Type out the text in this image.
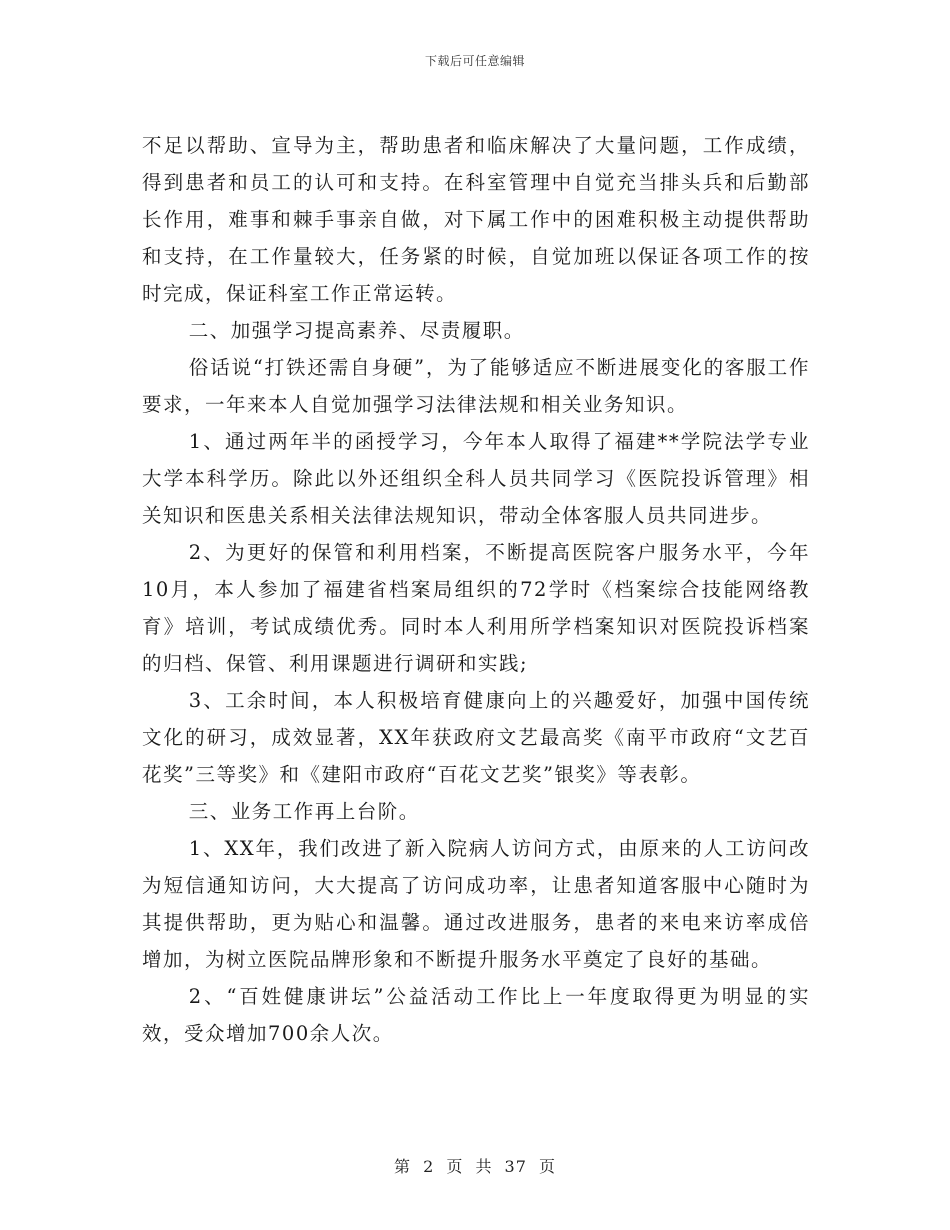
下载后可任意编辑

不足以帮助、宣导为主，帮助患者和临床解决了大量问题，工作成绩，得到患者和员工的认可和支持。在科室管理中自觉充当排头兵和后勤部长作用，难事和棘手事亲自做，对下属工作中的困难积极主动提供帮助和支持，在工作量较大，任务紧的时候，自觉加班以保证各项工作的按时完成，保证科室工作正常运转。

二、加强学习提高素养、尽责履职。

俗话说“打铁还需自身硬”，为了能够适应不断进展变化的客服工作要求，一年来本人自觉加强学习法律法规和相关业务知识。

1、通过两年半的函授学习，今年本人取得了福建**学院法学专业大学本科学历。除此以外还组织全科人员共同学习《医院投诉管理》相关知识和医患关系相关法律法规知识，带动全体客服人员共同进步。

2、为更好的保管和利用档案，不断提高医院客户服务水平，今年10月，本人参加了福建省档案局组织的72学时《档案综合技能网络教育》培训，考试成绩优秀。同时本人利用所学档案知识对医院投诉档案的归档、保管、利用课题进行调研和实践;

3、工余时间，本人积极培育健康向上的兴趣爱好，加强中国传统文化的研习，成效显著，XX年获政府文艺最高奖《南平市政府“文艺百花奖”三等奖》和《建阳市政府“百花文艺奖”银奖》等表彰。

三、业务工作再上台阶。

1、XX年，我们改进了新入院病人访问方式，由原来的人工访问改为短信通知访问，大大提高了访问成功率，让患者知道客服中心随时为其提供帮助，更为贴心和温馨。通过改进服务，患者的来电来访率成倍增加，为树立医院品牌形象和不断提升服务水平奠定了良好的基础。

2、“百姓健康讲坛”公益活动工作比上一年度取得更为明显的实效，受众增加700余人次。

第 2 页 共 37 页
